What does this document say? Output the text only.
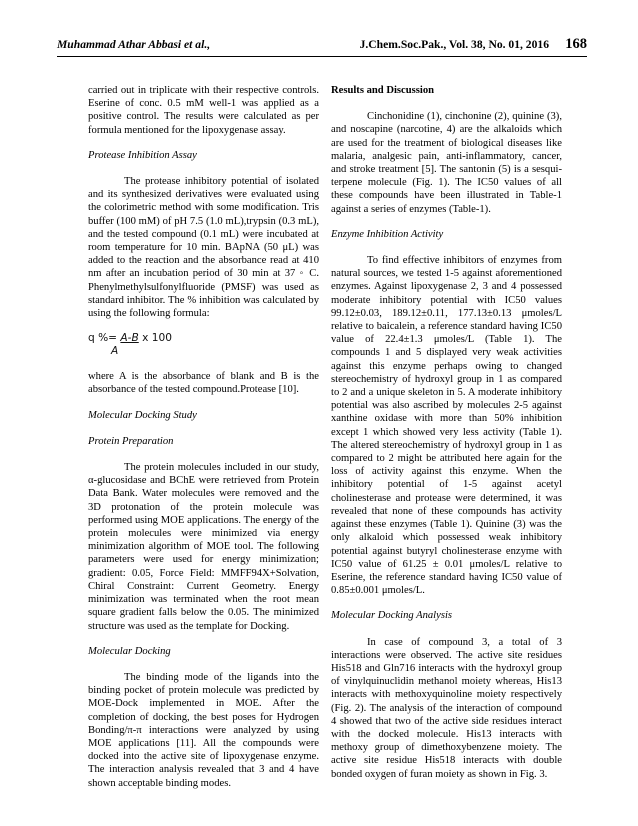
Muhammad Athar Abbasi et al.,	J.Chem.Soc.Pak., Vol. 38, No. 01, 2016 168

carried out in triplicate with their respective controls. Eserine of conc. 0.5 mM well-1 was applied as a positive control. The results were calculated as per formula mentioned for the lipoxygenase assay.

Protease Inhibition Assay

The protease inhibitory potential of isolated and its synthesized derivatives were evaluated using the colorimetric method with some modification. Tris buffer (100 mM) of pH 7.5 (1.0 mL),trypsin (0.3 mL), and the tested compound (0.1 mL) were incubated at room temperature for 10 min. BApNA (50 μL) was added to the reaction and the absorbance read at 410 nm after an incubation period of 30 min at 37 ◦ C. Phenylmethylsulfonylfluoride (PMSF) was used as standard inhibitor. The % inhibition was calculated by using the following formula:

q %= A-B x 100
A

where A is the absorbance of blank and B is the absorbance of the tested compound.Protease [10].

Molecular Docking Study
Protein Preparation

The protein molecules included in our study, α-glucosidase and BChE were retrieved from Protein Data Bank. Water molecules were removed and the 3D protonation of the protein molecule was performed using MOE applications. The energy of the protein molecules were minimized via energy minimization algorithm of MOE tool. The following parameters were used for energy minimization; gradient: 0.05, Force Field: MMFF94X+Solvation, Chiral Constraint: Current Geometry. Energy minimization was terminated when the root mean square gradient falls below the 0.05. The minimized structure was used as the template for Docking.

Molecular Docking

The binding mode of the ligands into the binding pocket of protein molecule was predicted by MOE-Dock implemented in MOE. After the completion of docking, the best poses for Hydrogen Bonding/π-π interactions were analyzed by using MOE applications [11]. All the compounds were docked into the active site of lipoxygenase enzyme. The interaction analysis revealed that 3 and 4 have shown acceptable binding modes.

Results and Discussion

Cinchonidine (1), cinchonine (2), quinine (3), and noscapine (narcotine, 4) are the alkaloids which are used for the treatment of biological diseases like malaria, analgesic pain, anti-inflammatory, cancer, and stroke treatment [5]. The santonin (5) is a sesqui-terpene molecule (Fig. 1). The IC50 values of all these compounds have been illustrated in Table-1 against a series of enzymes (Table-1).

Enzyme Inhibition Activity

To find effective inhibitors of enzymes from natural sources, we tested 1-5 against aforementioned enzymes. Against lipoxygenase 2, 3 and 4 possessed moderate inhibitory potential with IC50 values 99.12±0.03, 189.12±0.11, 177.13±0.13 μmoles/L relative to baicalein, a reference standard having IC50 value of 22.4±1.3 μmoles/L (Table 1). The compounds 1 and 5 displayed very weak activities against this enzyme perhaps owing to changed stereochemistry of hydroxyl group in 1 as compared to 2 and a unique skeleton in 5. A moderate inhibitory potential was also ascribed by molecules 2-5 against xanthine oxidase with more than 50% inhibition except 1 which showed very less activity (Table 1). The altered stereochemistry of hydroxyl group in 1 as compared to 2 might be attributed here again for the loss of activity against this enzyme. When the inhibitory potential of 1-5 against acetyl cholinesterase and protease were determined, it was revealed that none of these compounds has activity against these enzymes (Table 1). Quinine (3) was the only alkaloid which possessed weak inhibitory potential against butyryl cholinesterase enzyme with IC50 value of 61.25 ± 0.01 μmoles/L relative to Eserine, the reference standard having IC50 value of 0.85±0.001 μmoles/L.

Molecular Docking Analysis

In case of compound 3, a total of 3 interactions were observed. The active site residues His518 and Gln716 interacts with the hydroxyl group of vinylquinuclidin methanol moiety whereas, His13 interacts with methoxyquinoline moiety respectively (Fig. 2). The analysis of the interaction of compound 4 showed that two of the active side residues interact with the docked molecule. His13 interacts with methoxy group of dimethoxybenzene moiety. The active site residue His518 interacts with double bonded oxygen of furan moiety as shown in Fig. 3.
